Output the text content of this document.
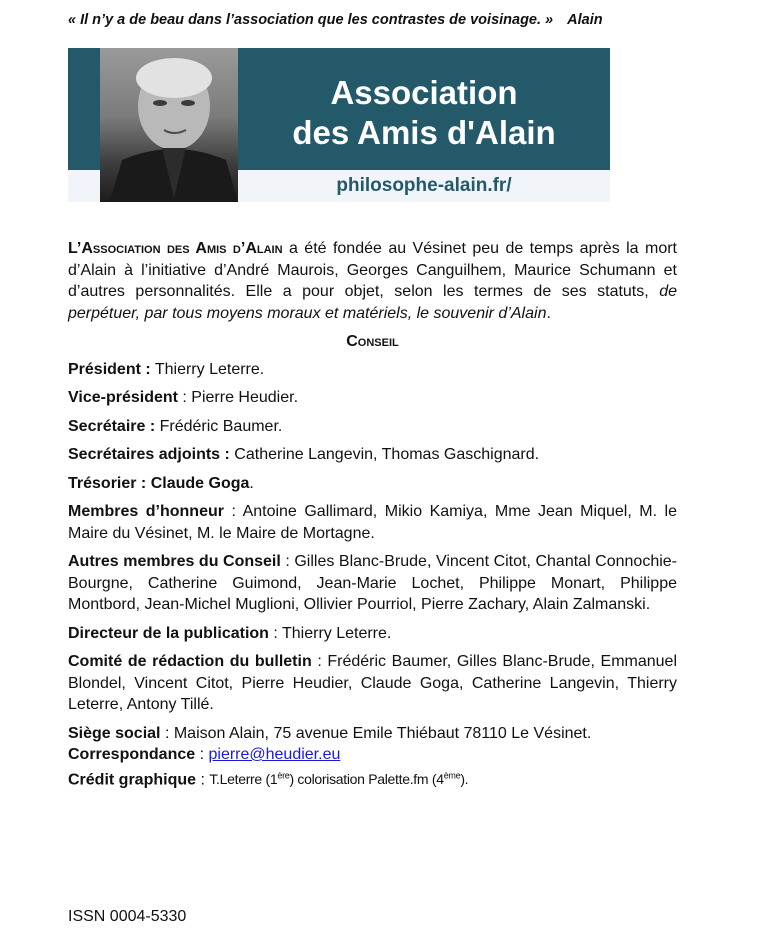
« Il n’y a de beau dans l’association que les contrastes de voisinage. » Alain
Association
des Amis d'Alain
philosophe-alain.fr/

L’Association des Amis d’Alain a été fondée au Vésinet peu de temps après la mort d’Alain à l’initiative d’André Maurois, Georges Canguilhem, Maurice Schumann et d’autres personnalités. Elle a pour objet, selon les termes de ses statuts, de perpétuer, par tous moyens moraux et matériels, le souvenir d’Alain.

Conseil

Président : Thierry Leterre.

Vice-président : Pierre Heudier.

Secrétaire : Frédéric Baumer.

Secrétaires adjoints : Catherine Langevin, Thomas Gaschignard.

Trésorier : Claude Goga.

Membres d’honneur : Antoine Gallimard, Mikio Kamiya, Mme Jean Miquel, M. le Maire du Vésinet, M. le Maire de Mortagne.

Autres membres du Conseil : Gilles Blanc-Brude, Vincent Citot, Chantal Connochie-Bourgne, Catherine Guimond, Jean-Marie Lochet, Philippe Monart, Philippe Montbord, Jean-Michel Muglioni, Ollivier Pourriol, Pierre Zachary, Alain Zalmanski.

Directeur de la publication : Thierry Leterre.

Comité de rédaction du bulletin : Frédéric Baumer, Gilles Blanc-Brude, Emmanuel Blondel, Vincent Citot, Pierre Heudier, Claude Goga, Catherine Langevin, Thierry Leterre, Antony Tillé.

Siège social : Maison Alain, 75 avenue Emile Thiébaut 78110 Le Vésinet.

Correspondance : pierre@heudier.eu

Crédit graphique : T.Leterre (1ère) colorisation Palette.fm (4ème).

ISSN 0004-5330
